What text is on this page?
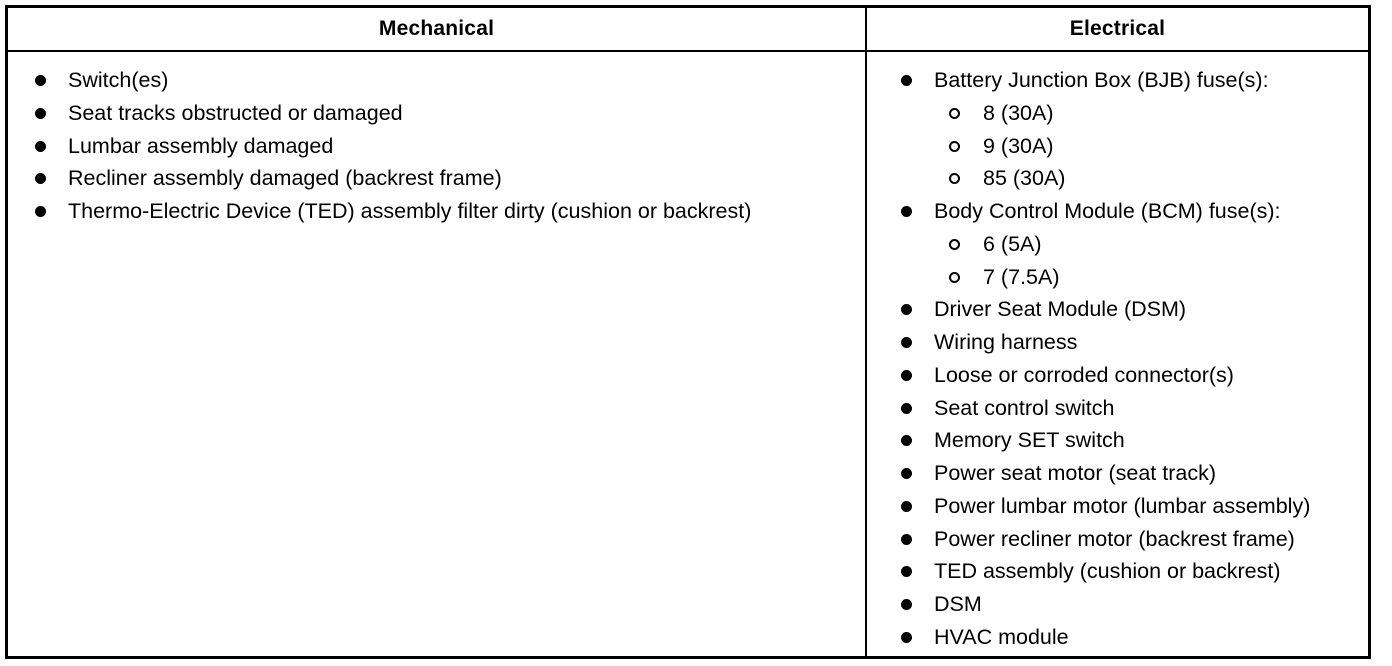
Mechanical
Switch(es)
Seat tracks obstructed or damaged
Lumbar assembly damaged
Recliner assembly damaged (backrest frame)
Thermo-Electric Device (TED) assembly filter dirty (cushion or backrest)
Electrical
Battery Junction Box (BJB) fuse(s):
8 (30A)
9 (30A)
85 (30A)
Body Control Module (BCM) fuse(s):
6 (5A)
7 (7.5A)
Driver Seat Module (DSM)
Wiring harness
Loose or corroded connector(s)
Seat control switch
Memory SET switch
Power seat motor (seat track)
Power lumbar motor (lumbar assembly)
Power recliner motor (backrest frame)
TED assembly (cushion or backrest)
DSM
HVAC module
